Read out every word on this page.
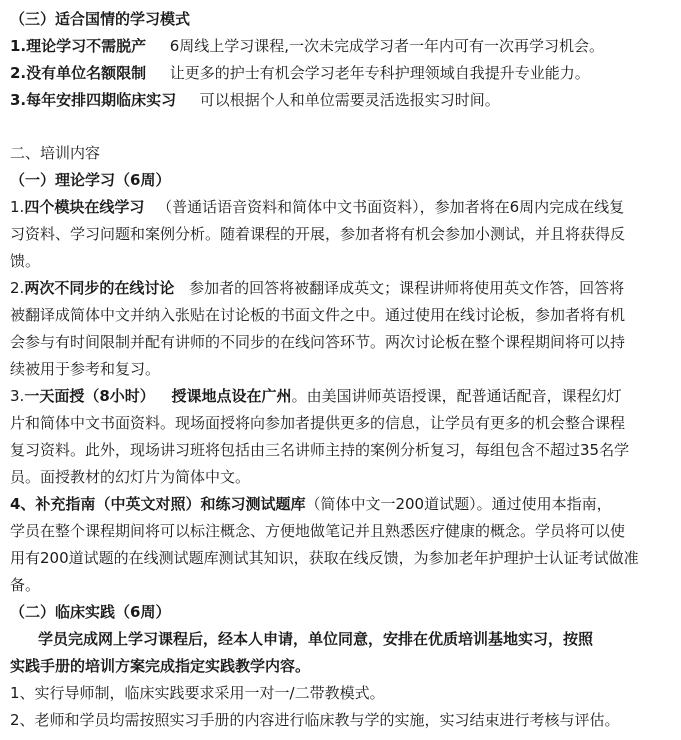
（三）适合国情的学习模式
1.理论学习不需脱产 6周线上学习课程,一次未完成学习者一年内可有一次再学习机会。
2.没有单位名额限制 让更多的护士有机会学习老年专科护理领域自我提升专业能力。
3.每年安排四期临床实习 可以根据个人和单位需要灵活选报实习时间。
二、培训内容
（一）理论学习（6周）
1.四个模块在线学习 （普通话语音资料和简体中文书面资料），参加者将在6周内完成在线复
习资料、学习问题和案例分析。随着课程的开展，参加者将有机会参加小测试，并且将获得反
馈。
2.两次不同步的在线讨论 参加者的回答将被翻译成英文；课程讲师将使用英文作答，回答将
被翻译成简体中文并纳入张贴在讨论板的书面文件之中。通过使用在线讨论板，参加者将有机
会参与有时间限制并配有讲师的不同步的在线问答环节。两次讨论板在整个课程期间将可以持
续被用于参考和复习。
3.一天面授（8小时） 授课地点设在广州。由美国讲师英语授课，配普通话配音，课程幻灯
片和简体中文书面资料。现场面授将向参加者提供更多的信息，让学员有更多的机会整合课程
复习资料。此外，现场讲习班将包括由三名讲师主持的案例分析复习，每组包含不超过35名学
员。面授教材的幻灯片为简体中文。
4、补充指南（中英文对照）和练习测试题库（简体中文一200道试题）。通过使用本指南，
学员在整个课程期间将可以标注概念、方便地做笔记并且熟悉医疗健康的概念。学员将可以使
用有200道试题的在线测试题库测试其知识，获取在线反馈，为参加老年护理护士认证考试做准
备。
（二）临床实践（6周）
学员完成网上学习课程后，经本人申请，单位同意，安排在优质培训基地实习，按照
实践手册的培训方案完成指定实践教学内容。
1、实行导师制，临床实践要求采用一对一/二带教模式。
2、老师和学员均需按照实习手册的内容进行临床教与学的实施，实习结束进行考核与评估。
